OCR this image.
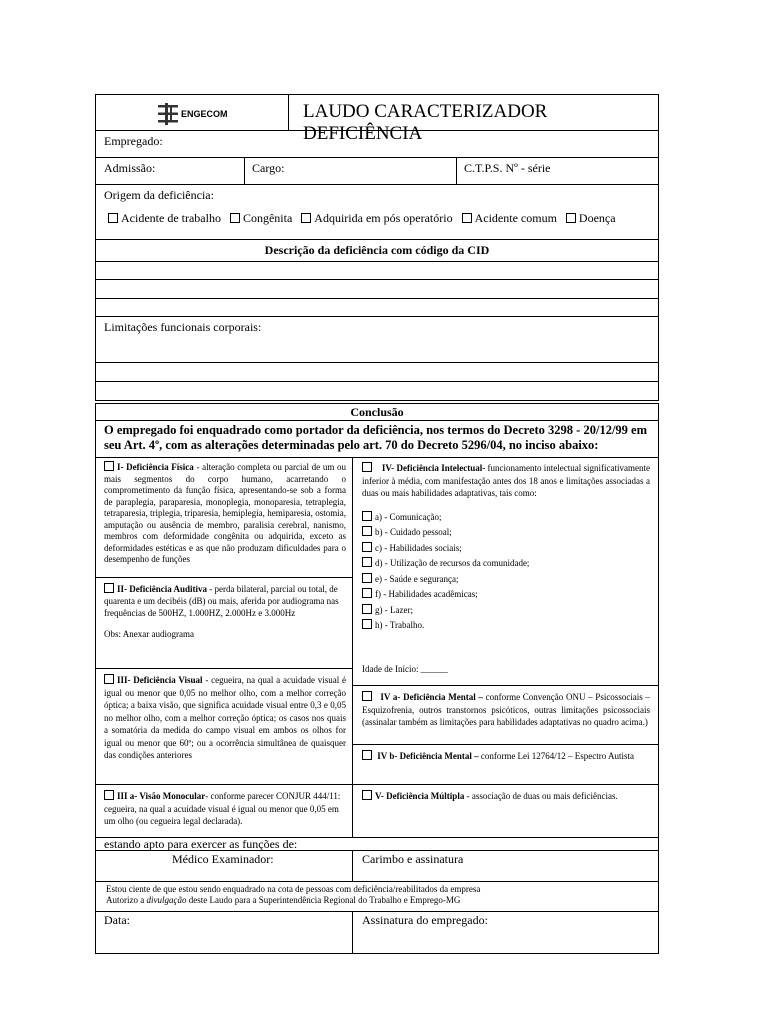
ENGECOM	LAUDO CARACTERIZADOR DEFICIÊNCIA
Empregado:
Admissão:	Cargo:	C.T.P.S. Nº - série
Origem da deficiência:
Acidente de trabalho Congênita Adquirida em pós operatório Acidente comum Doença
Descrição da deficiência com código da CID
Limitações funcionais corporais:
Conclusão
O empregado foi enquadrado como portador da deficiência, nos termos do Decreto 3298 - 20/12/99 em seu Art. 4º, com as alterações determinadas pelo art. 70 do Decreto 5296/04, no inciso abaixo:
I- Deficiência Física - alteração completa ou parcial de um ou mais segmentos do corpo humano, acarretando o comprometimento da função física, apresentando-se sob a forma de paraplegia, paraparesia, monoplegia, monoparesia, tetraplegia, tetraparesia, triplegia, triparesia, hemiplegia, hemiparesia, ostomia, amputação ou ausência de membro, paralisia cerebral, nanismo, membros com deformidade congênita ou adquirida, exceto as deformidades estéticas e as que não produzam dificuldades para o desempenho de funções
II- Deficiência Auditiva - perda bilateral, parcial ou total, de quarenta e um decibéis (dB) ou mais, aferida por audiograma nas frequências de 500HZ, 1.000HZ, 2.000Hz e 3.000Hz
Obs: Anexar audiograma
III- Deficiência Visual - cegueira, na qual a acuidade visual é igual ou menor que 0,05 no melhor olho, com a melhor correção óptica; a baixa visão, que significa acuidade visual entre 0,3 e 0,05 no melhor olho, com a melhor correção óptica; os casos nos quais a somatória da medida do campo visual em ambos os olhos for igual ou menor que 60º; ou a ocorrência simultânea de quaisquer das condições anteriores
III a- Visão Monocular- conforme parecer CONJUR 444/11: cegueira, na qual a acuidade visual é igual ou menor que 0,05 em um olho (ou cegueira legal declarada).
IV- Deficiência Intelectual- funcionamento intelectual significativamente inferior à média, com manifestação antes dos 18 anos e limitações associadas a duas ou mais habilidades adaptativas, tais como:
a) - Comunicação;
b) - Cuidado pessoal;
c) - Habilidades sociais;
d) - Utilização de recursos da comunidade;
e) - Saúde e segurança;
f) - Habilidades acadêmicas;
g) - Lazer;
h) - Trabalho.
Idade de Início: ______
IV a- Deficiência Mental – conforme Convenção ONU – Psicossociais – Esquizofrenia, outros transtornos psicóticos, outras limitações psicossociais (assinalar também as limitações para habilidades adaptativas no quadro acima.)
IV b- Deficiência Mental – conforme Lei 12764/12 – Espectro Autista
V- Deficiência Múltipla - associação de duas ou mais deficiências.
estando apto para exercer as funções de:
Médico Examinador:	Carimbo e assinatura
Estou ciente de que estou sendo enquadrado na cota de pessoas com deficiência/reabilitados da empresa
Autorizo a divulgação deste Laudo para a Superintendência Regional do Trabalho e Emprego-MG
Data:	Assinatura do empregado:
